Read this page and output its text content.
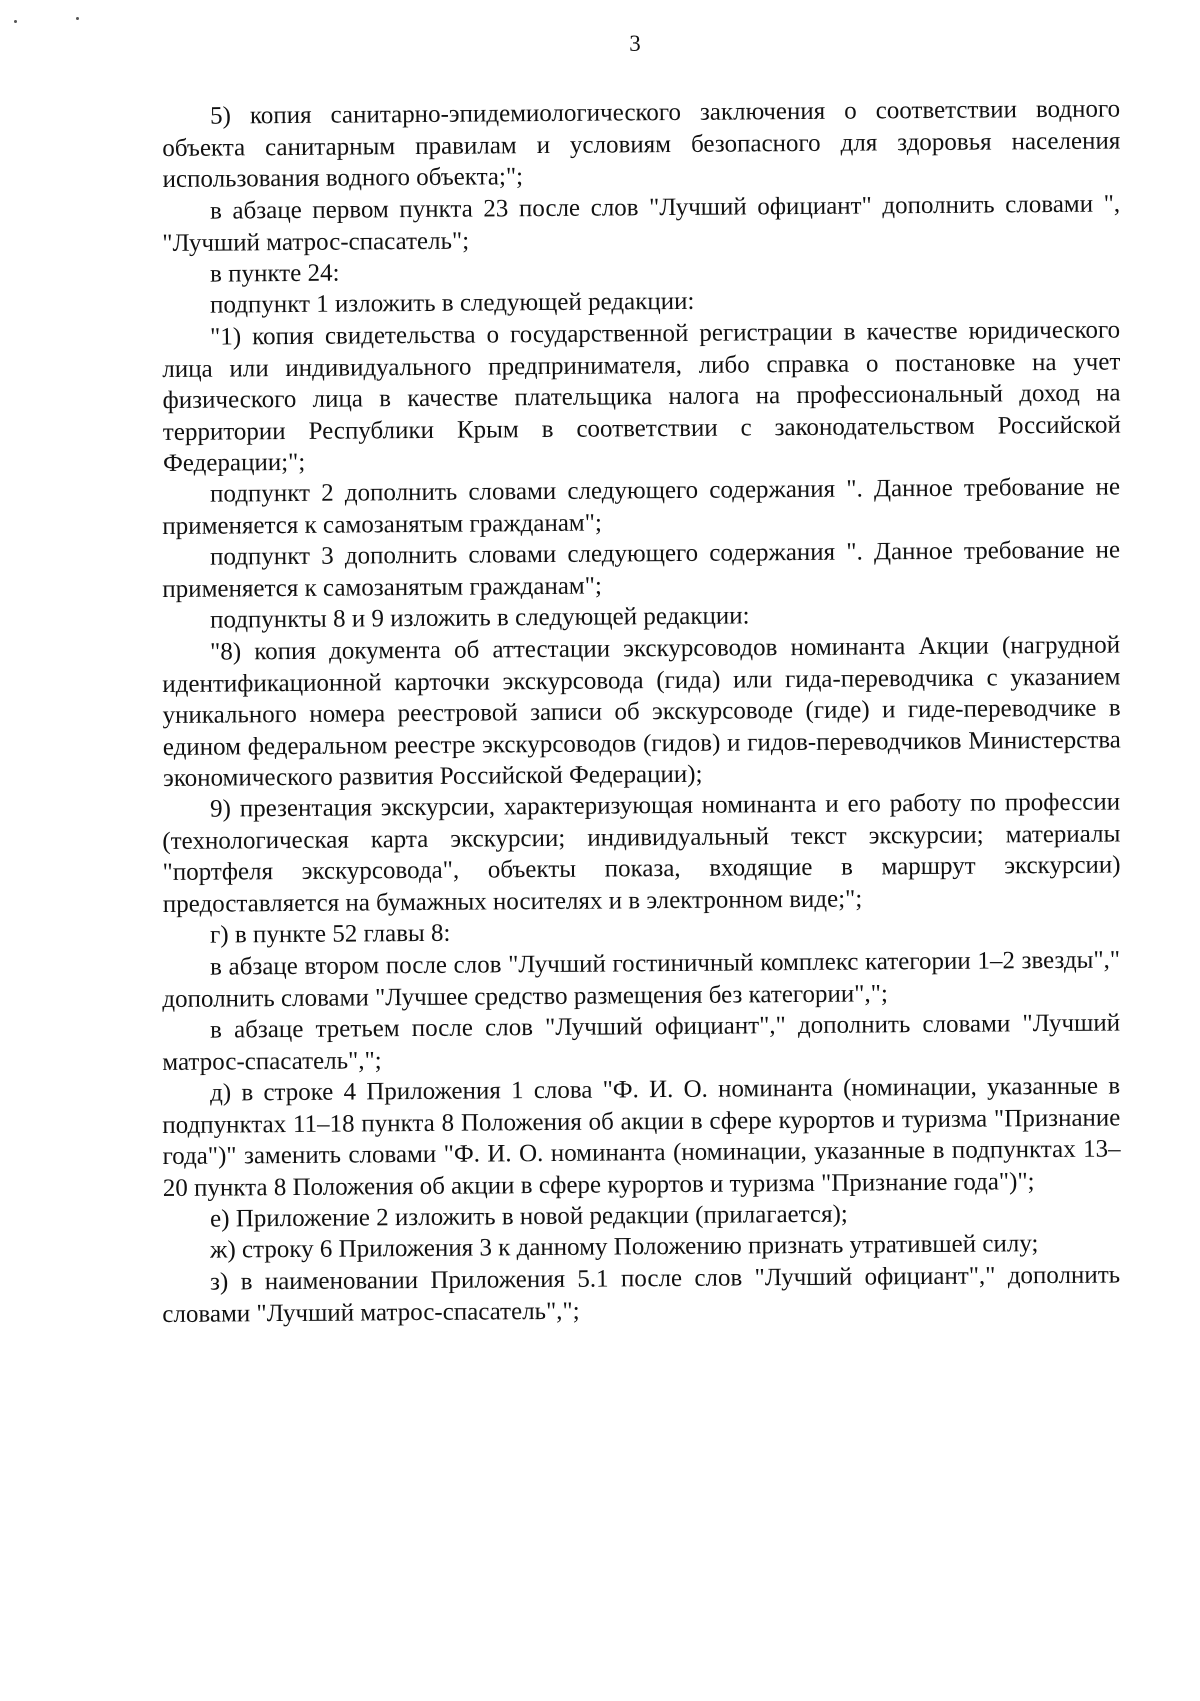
3

5) копия санитарно-эпидемиологического заключения о соответствии водного объекта санитарным правилам и условиям безопасного для здоровья населения использования водного объекта;";

в абзаце первом пункта 23 после слов "Лучший официант" дополнить словами ", "Лучший матрос-спасатель";

в пункте 24:

подпункт 1 изложить в следующей редакции:

"1) копия свидетельства о государственной регистрации в качестве юридического лица или индивидуального предпринимателя, либо справка о постановке на учет физического лица в качестве плательщика налога на профессиональный доход на территории Республики Крым в соответствии с законодательством Российской Федерации;";

подпункт 2 дополнить словами следующего содержания ". Данное требование не применяется к самозанятым гражданам";

подпункт 3 дополнить словами следующего содержания ". Данное требование не применяется к самозанятым гражданам";

подпункты 8 и 9 изложить в следующей редакции:

"8) копия документа об аттестации экскурсоводов номинанта Акции (нагрудной идентификационной карточки экскурсовода (гида) или гида-переводчика с указанием уникального номера реестровой записи об экскурсоводе (гиде) и гиде-переводчике в едином федеральном реестре экскурсоводов (гидов) и гидов-переводчиков Министерства экономического развития Российской Федерации);

9) презентация экскурсии, характеризующая номинанта и его работу по профессии (технологическая карта экскурсии; индивидуальный текст экскурсии; материалы "портфеля экскурсовода", объекты показа, входящие в маршрут экскурсии) предоставляется на бумажных носителях и в электронном виде;";

г) в пункте 52 главы 8:

в абзаце втором после слов "Лучший гостиничный комплекс категории 1–2 звезды"," дополнить словами "Лучшее средство размещения без категории",";

в абзаце третьем после слов "Лучший официант"," дополнить словами "Лучший матрос-спасатель",";

д) в строке 4 Приложения 1 слова "Ф. И. О. номинанта (номинации, указанные в подпунктах 11–18 пункта 8 Положения об акции в сфере курортов и туризма "Признание года")" заменить словами "Ф. И. О. номинанта (номинации, указанные в подпунктах 13–20 пункта 8 Положения об акции в сфере курортов и туризма "Признание года")";

е) Приложение 2 изложить в новой редакции (прилагается);

ж) строку 6 Приложения 3 к данному Положению признать утратившей силу;

з) в наименовании Приложения 5.1 после слов "Лучший официант"," дополнить словами "Лучший матрос-спасатель",";
